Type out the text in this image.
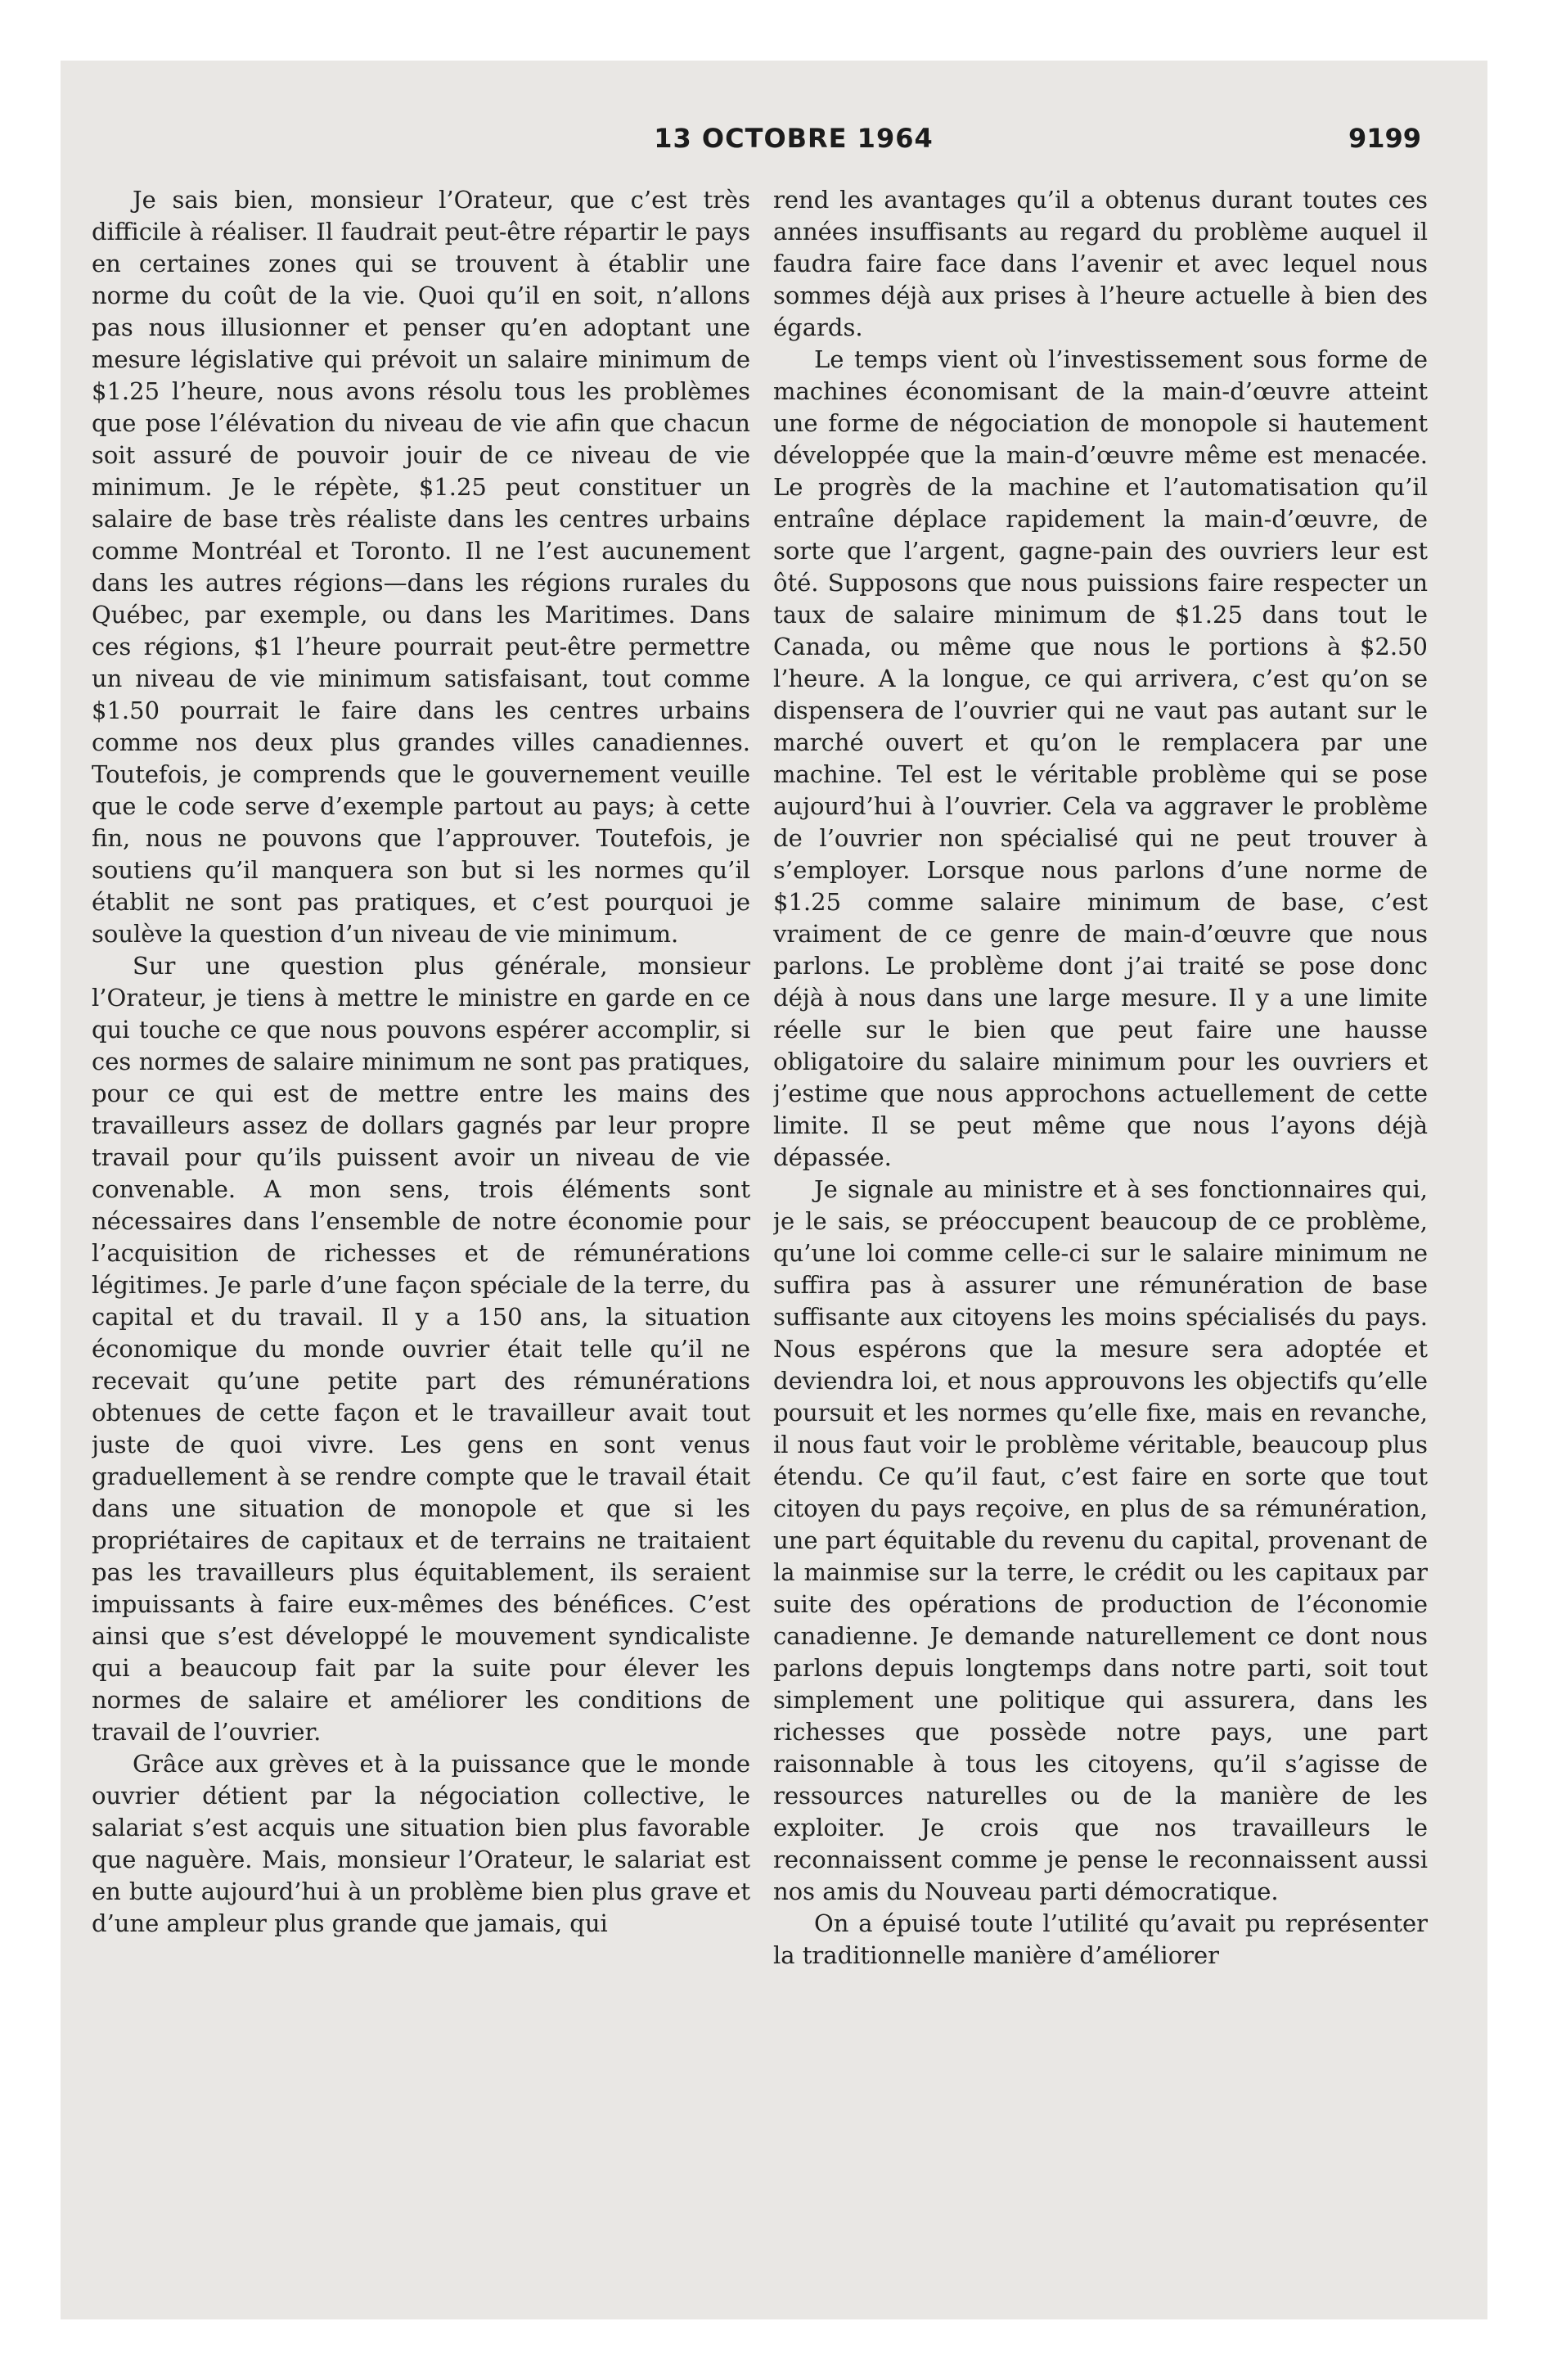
13 OCTOBRE 1964	9199

Je sais bien, monsieur l’Orateur, que c’est très difficile à réaliser. Il faudrait peut-être répartir le pays en certaines zones qui se trouvent à établir une norme du coût de la vie. Quoi qu’il en soit, n’allons pas nous illusionner et penser qu’en adoptant une mesure législative qui prévoit un salaire minimum de $1.25 l’heure, nous avons résolu tous les problèmes que pose l’élévation du niveau de vie afin que chacun soit assuré de pouvoir jouir de ce niveau de vie minimum. Je le répète, $1.25 peut constituer un salaire de base très réaliste dans les centres urbains comme Montréal et Toronto. Il ne l’est aucunement dans les autres régions—dans les régions rurales du Québec, par exemple, ou dans les Maritimes. Dans ces régions, $1 l’heure pourrait peut-être permettre un niveau de vie minimum satisfaisant, tout comme $1.50 pourrait le faire dans les centres urbains comme nos deux plus grandes villes canadiennes. Toutefois, je comprends que le gouvernement veuille que le code serve d’exemple partout au pays; à cette fin, nous ne pouvons que l’approuver. Toutefois, je soutiens qu’il manquera son but si les normes qu’il établit ne sont pas pratiques, et c’est pourquoi je soulève la question d’un niveau de vie minimum.

Sur une question plus générale, monsieur l’Orateur, je tiens à mettre le ministre en garde en ce qui touche ce que nous pouvons espérer accomplir, si ces normes de salaire minimum ne sont pas pratiques, pour ce qui est de mettre entre les mains des travailleurs assez de dollars gagnés par leur propre travail pour qu’ils puissent avoir un niveau de vie convenable. A mon sens, trois éléments sont nécessaires dans l’ensemble de notre économie pour l’acquisition de richesses et de rémunérations légitimes. Je parle d’une façon spéciale de la terre, du capital et du travail. Il y a 150 ans, la situation économique du monde ouvrier était telle qu’il ne recevait qu’une petite part des rémunérations obtenues de cette façon et le travailleur avait tout juste de quoi vivre. Les gens en sont venus graduellement à se rendre compte que le travail était dans une situation de monopole et que si les propriétaires de capitaux et de terrains ne traitaient pas les travailleurs plus équitablement, ils seraient impuissants à faire eux-mêmes des bénéfices. C’est ainsi que s’est développé le mouvement syndicaliste qui a beaucoup fait par la suite pour élever les normes de salaire et améliorer les conditions de travail de l’ouvrier.

Grâce aux grèves et à la puissance que le monde ouvrier détient par la négociation collective, le salariat s’est acquis une situation bien plus favorable que naguère. Mais, monsieur l’Orateur, le salariat est en butte aujourd’hui à un problème bien plus grave et d’une ampleur plus grande que jamais, qui

rend les avantages qu’il a obtenus durant toutes ces années insuffisants au regard du problème auquel il faudra faire face dans l’avenir et avec lequel nous sommes déjà aux prises à l’heure actuelle à bien des égards.

Le temps vient où l’investissement sous forme de machines économisant de la main-d’œuvre atteint une forme de négociation de monopole si hautement développée que la main-d’œuvre même est menacée. Le progrès de la machine et l’automatisation qu’il entraîne déplace rapidement la main-d’œuvre, de sorte que l’argent, gagne-pain des ouvriers leur est ôté. Supposons que nous puissions faire respecter un taux de salaire minimum de $1.25 dans tout le Canada, ou même que nous le portions à $2.50 l’heure. A la longue, ce qui arrivera, c’est qu’on se dispensera de l’ouvrier qui ne vaut pas autant sur le marché ouvert et qu’on le remplacera par une machine. Tel est le véritable problème qui se pose aujourd’hui à l’ouvrier. Cela va aggraver le problème de l’ouvrier non spécialisé qui ne peut trouver à s’employer. Lorsque nous parlons d’une norme de $1.25 comme salaire minimum de base, c’est vraiment de ce genre de main-d’œuvre que nous parlons. Le problème dont j’ai traité se pose donc déjà à nous dans une large mesure. Il y a une limite réelle sur le bien que peut faire une hausse obligatoire du salaire minimum pour les ouvriers et j’estime que nous approchons actuellement de cette limite. Il se peut même que nous l’ayons déjà dépassée.

Je signale au ministre et à ses fonctionnaires qui, je le sais, se préoccupent beaucoup de ce problème, qu’une loi comme celle-ci sur le salaire minimum ne suffira pas à assurer une rémunération de base suffisante aux citoyens les moins spécialisés du pays. Nous espérons que la mesure sera adoptée et deviendra loi, et nous approuvons les objectifs qu’elle poursuit et les normes qu’elle fixe, mais en revanche, il nous faut voir le problème véritable, beaucoup plus étendu. Ce qu’il faut, c’est faire en sorte que tout citoyen du pays reçoive, en plus de sa rémunération, une part équitable du revenu du capital, provenant de la mainmise sur la terre, le crédit ou les capitaux par suite des opérations de production de l’économie canadienne. Je demande naturellement ce dont nous parlons depuis longtemps dans notre parti, soit tout simplement une politique qui assurera, dans les richesses que possède notre pays, une part raisonnable à tous les citoyens, qu’il s’agisse de ressources naturelles ou de la manière de les exploiter. Je crois que nos travailleurs le reconnaissent comme je pense le reconnaissent aussi nos amis du Nouveau parti démocratique.

On a épuisé toute l’utilité qu’avait pu représenter la traditionnelle manière d’améliorer
